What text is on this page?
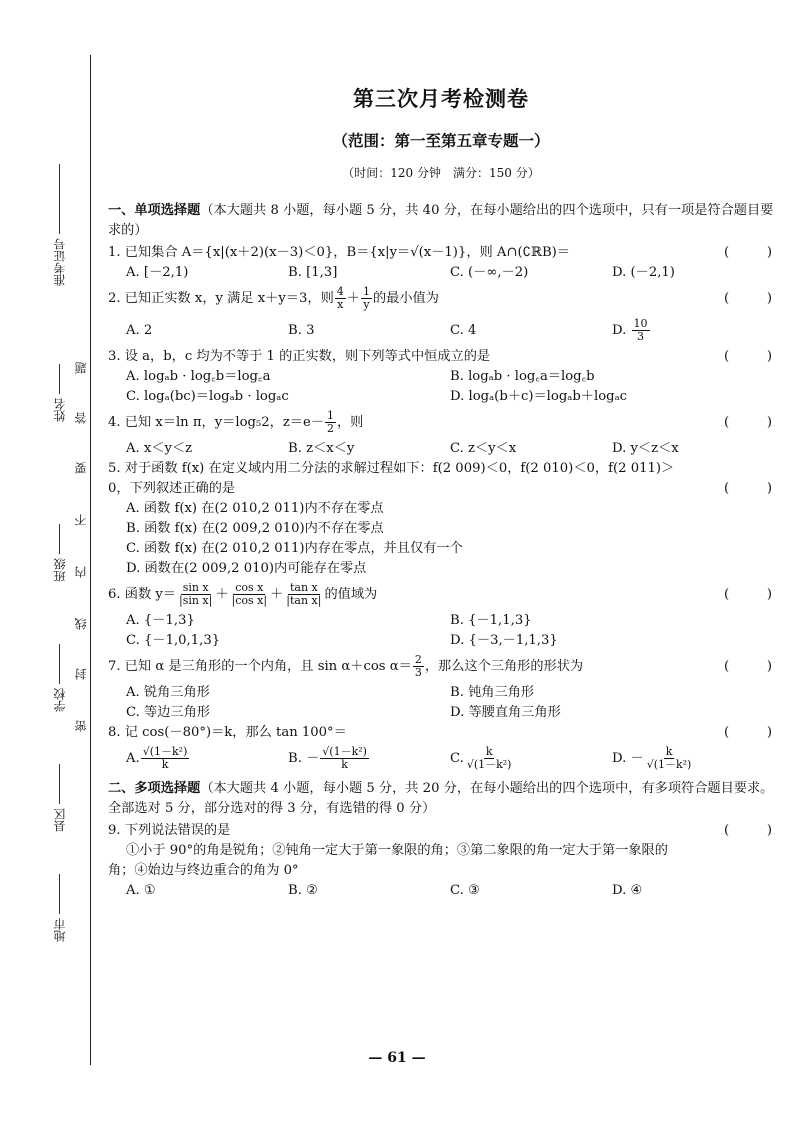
准考证号
姓名
班级
学校
县区
地市
题
答
要
不
内
线
封
密
第三次月考检测卷
（范围：第一至第五章专题一）
（时间：120 分钟　满分：150 分）
一、单项选择题（本大题共 8 小题，每小题 5 分，共 40 分，在每小题给出的四个选项中，只有一项是符合题目要求的）
1. 已知集合 A＝{x|(x＋2)(x－3)＜0}，B＝{x|y＝√(x－1)}，则 A∩(∁ℝB)＝	(	)
A. [－2,1)	B. [1,3]	C. (－∞,－2)	D. (－2,1)
2. 已知正实数 x，y 满足 x＋y＝3，则 $\frac{4}{x} + \frac{1}{y}$ 的最小值为	(	)
A. 2	B. 3	C. 4	D. $\frac{10}{3}$
3. 设 a，b，c 均为不等于 1 的正实数，则下列等式中恒成立的是	(	)
A. logₐb · log꜀b＝log꜀a	B. logₐb · log꜀a＝log꜀b
C. logₐ(bc)＝logₐb · logₐc	D. logₐ(b＋c)＝logₐb＋logₐc
4. 已知 x＝ln π，y＝log₅2，$z=e- \frac{1}{2}$ ，则	(	)
A. x＜y＜z	B. z＜x＜y	C. z＜y＜x	D. y＜z＜x
5. 对于函数 f(x) 在定义域内用二分法的求解过程如下：f(2 009)＜0，f(2 010)＜0，f(2 011)＞
0，下列叙述正确的是	(	)
A. 函数 f(x) 在(2 010,2 011)内不存在零点
B. 函数 f(x) 在(2 009,2 010)内不存在零点
C. 函数 f(x) 在(2 010,2 011)内存在零点，并且仅有一个
D. 函数在(2 009,2 010)内可能存在零点
6. 函数 $y= \frac{\text{sin x}}{\text{|sin x|}} + \frac{\text{cos x}}{\text{|cos x|}} + \frac{\text{tan x}}{\text{|tan x|}}$ 的值域为	(	)
A. {－1,3}	B. {－1,1,3}
C. {－1,0,1,3}	D. {－3,－1,1,3}
7. 已知 α 是三角形的一个内角，且 sin α＋cos $\alpha= \frac{2}{3}$ ，那么这个三角形的形状为	(	)
A. 锐角三角形	B. 钝角三角形
C. 等边三角形	D. 等腰直角三角形
8. 记 cos(－80°)＝k，那么 tan 100°＝	(	)
A. $\frac{\text{√(1－k²)}}{k}$	B. － $\frac{\text{√(1－k²)}}{k}$	C. $\frac{k}{\text{√(1－k²)}}$	D. － $\frac{k}{\text{√(1－k²)}}$
二、多项选择题（本大题共 4 小题，每小题 5 分，共 20 分，在每小题给出的四个选项中，有多项符合题目要求。全部选对 5 分，部分选对的得 3 分，有选错的得 0 分）
9. 下列说法错误的是	(	)
①小于 90°的角是锐角；②钝角一定大于第一象限的角；③第二象限的角一定大于第一象限的
角；④始边与终边重合的角为 0°
A. ①	B. ②	C. ③	D. ④
— 61 —
